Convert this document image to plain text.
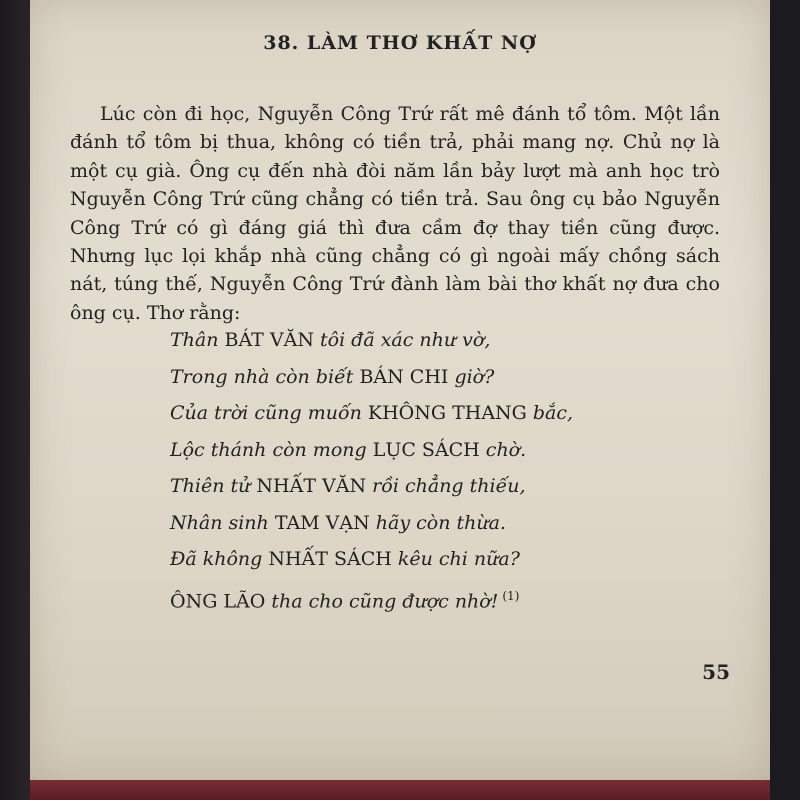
38. LÀM THƠ KHẤT NỢ

Lúc còn đi học, Nguyễn Công Trứ rất mê đánh tổ tôm. Một lần đánh tổ tôm bị thua, không có tiền trả, phải mang nợ. Chủ nợ là một cụ già. Ông cụ đến nhà đòi năm lần bảy lượt mà anh học trò Nguyễn Công Trứ cũng chẳng có tiền trả. Sau ông cụ bảo Nguyễn Công Trứ có gì đáng giá thì đưa cầm đợ thay tiền cũng được. Nhưng lục lọi khắp nhà cũng chẳng có gì ngoài mấy chồng sách nát, túng thế, Nguyễn Công Trứ đành làm bài thơ khất nợ đưa cho ông cụ. Thơ rằng:

Thân BÁT VĂN tôi đã xác như vờ,
Trong nhà còn biết BÁN CHI giờ?
Của trời cũng muốn KHÔNG THANG bắc,
Lộc thánh còn mong LỤC SÁCH chờ.
Thiên tử NHẤT VĂN rồi chẳng thiếu,
Nhân sinh TAM VẠN hãy còn thừa.
Đã không NHẤT SÁCH kêu chi nữa?
ÔNG LÃO tha cho cũng được nhờ! $^{(1)}$
55
